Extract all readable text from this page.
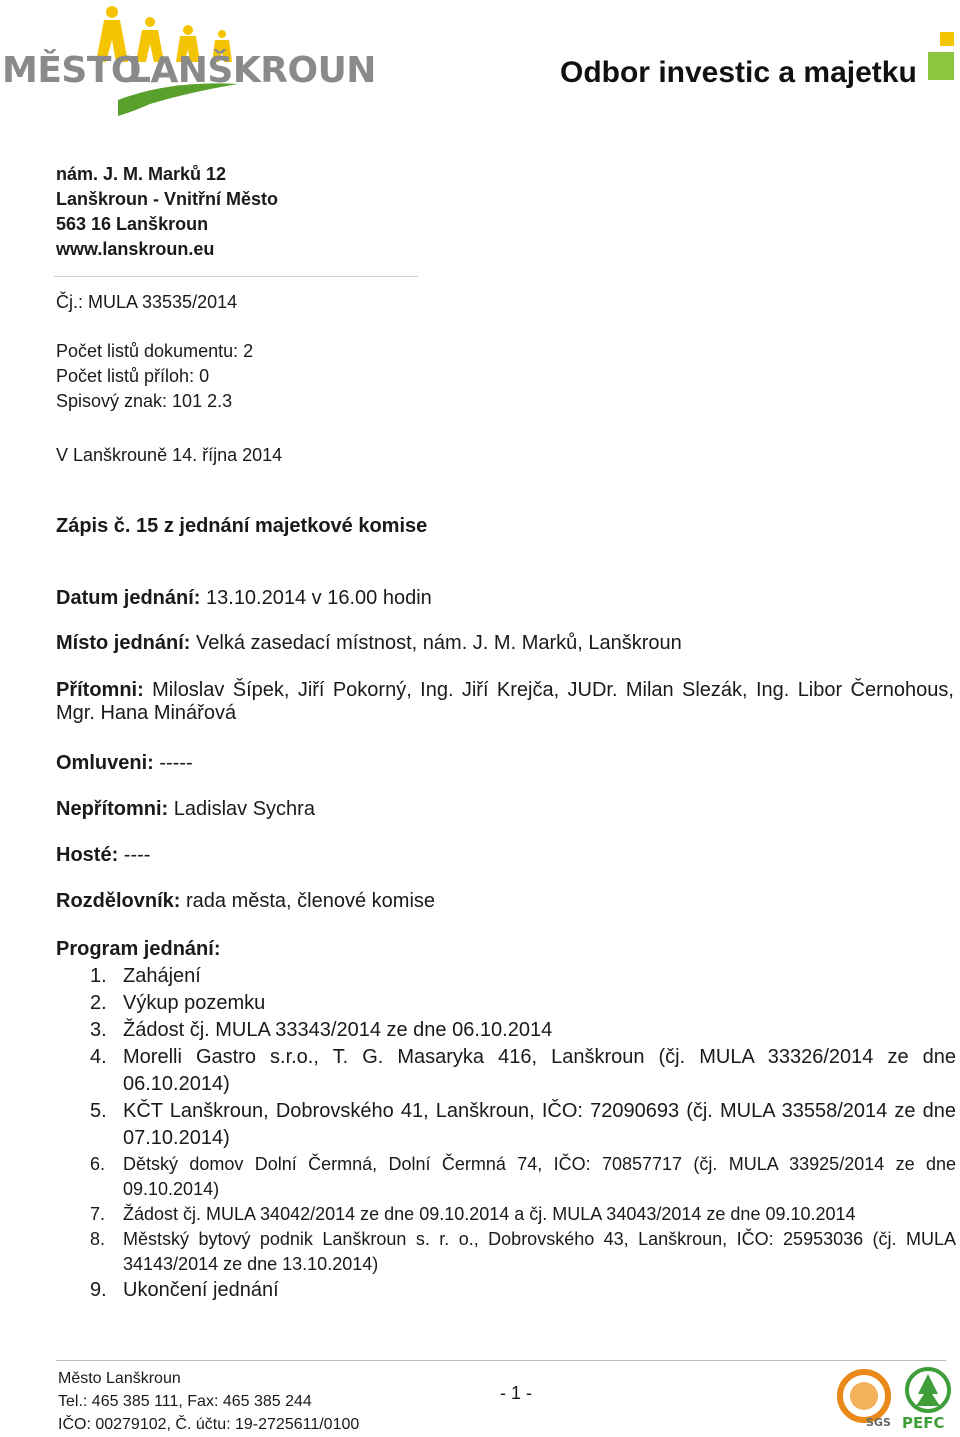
MĚSTO
LANŠKROUN	Odbor investic a majetku
nám. J. M. Marků 12
Lanškroun - Vnitřní Město
563 16 Lanškroun
www.lanskroun.eu
Čj.: MULA 33535/2014
Počet listů dokumentu: 2
Počet listů příloh: 0
Spisový znak: 101 2.3
V Lanškrouně 14. října 2014
Zápis č. 15 z jednání majetkové komise
Datum jednání: 13.10.2014 v 16.00 hodin
Místo jednání: Velká zasedací místnost, nám. J. M. Marků, Lanškroun
Přítomni: Miloslav Šípek, Jiří Pokorný, Ing. Jiří Krejča, JUDr. Milan Slezák, Ing. Libor Černohous,
Mgr. Hana Minářová
Omluveni: -----
Nepřítomni: Ladislav Sychra
Hosté: ----
Rozdělovník: rada města, členové komise
Program jednání:
1. Zahájení
2. Výkup pozemku
3. Žádost čj. MULA 33343/2014 ze dne 06.10.2014
4. Morelli Gastro s.r.o., T. G. Masaryka 416, Lanškroun (čj. MULA 33326/2014 ze dne 06.10.2014)
5. KČT Lanškroun, Dobrovského 41, Lanškroun, IČO: 72090693 (čj. MULA 33558/2014 ze dne 07.10.2014)
6. Dětský domov Dolní Čermná, Dolní Čermná 74, IČO: 70857717 (čj. MULA 33925/2014 ze dne 09.10.2014)
7. Žádost čj. MULA 34042/2014 ze dne 09.10.2014 a čj. MULA 34043/2014 ze dne 09.10.2014
8. Městský bytový podnik Lanškroun s. r. o., Dobrovského 43, Lanškroun, IČO: 25953036 (čj. MULA 34143/2014 ze dne 13.10.2014)
9. Ukončení jednání
Město Lanškroun
Tel.: 465 385 111, Fax: 465 385 244
IČO: 00279102, Č. účtu: 19-2725611/0100
- 1 -
SGS PEFC
